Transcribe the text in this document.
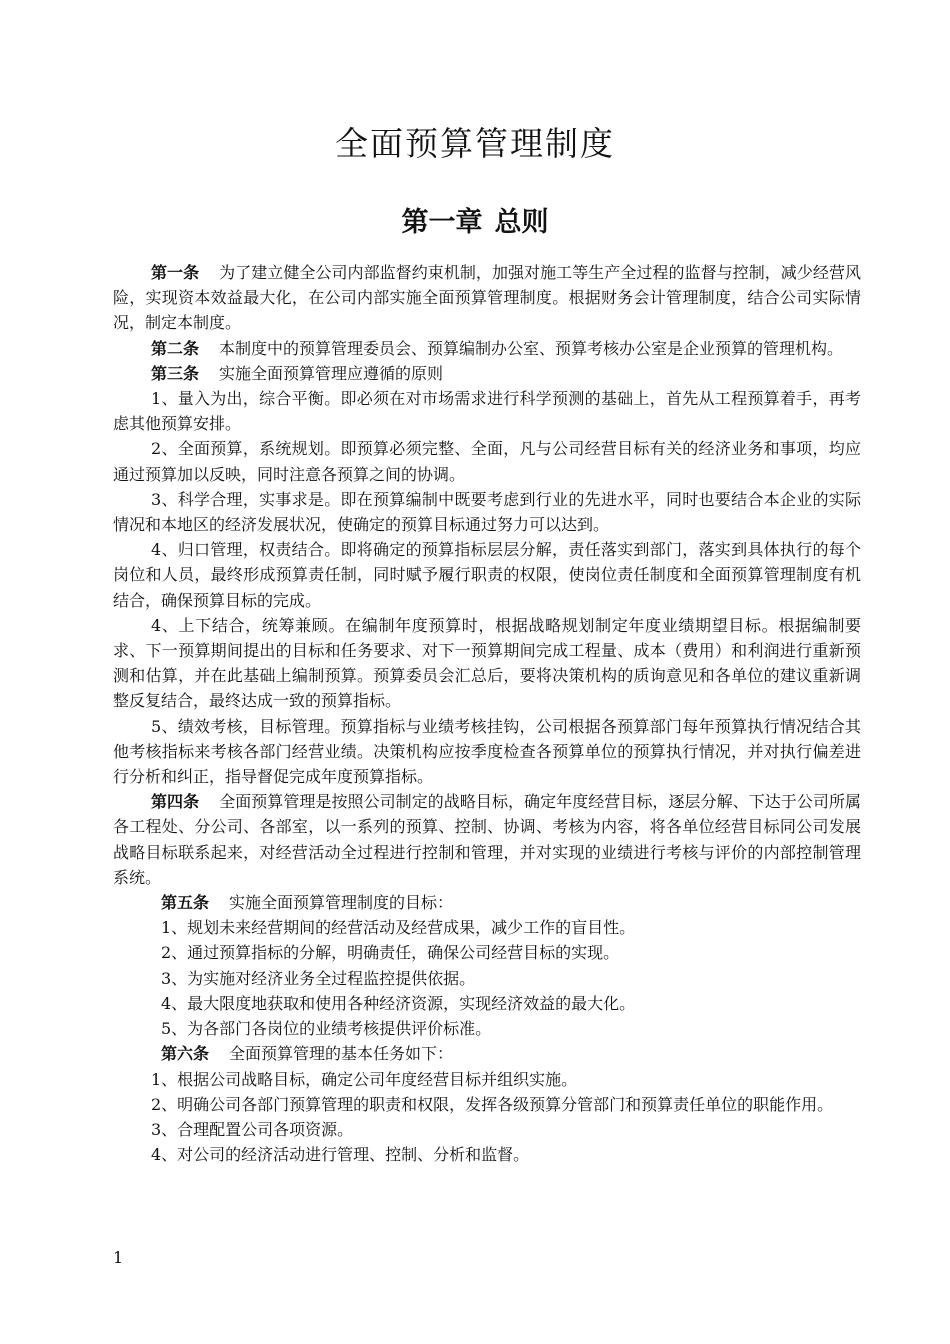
全面预算管理制度
第一章 总则

第一条 为了建立健全公司内部监督约束机制，加强对施工等生产全过程的监督与控制，减少经营风险，实现资本效益最大化，在公司内部实施全面预算管理制度。根据财务会计管理制度，结合公司实际情况，制定本制度。

第二条 本制度中的预算管理委员会、预算编制办公室、预算考核办公室是企业预算的管理机构。

第三条 实施全面预算管理应遵循的原则

1、量入为出，综合平衡。即必须在对市场需求进行科学预测的基础上，首先从工程预算着手，再考虑其他预算安排。

2、全面预算，系统规划。即预算必须完整、全面，凡与公司经营目标有关的经济业务和事项，均应通过预算加以反映，同时注意各预算之间的协调。

3、科学合理，实事求是。即在预算编制中既要考虑到行业的先进水平，同时也要结合本企业的实际情况和本地区的经济发展状况，使确定的预算目标通过努力可以达到。

4、归口管理，权责结合。即将确定的预算指标层层分解，责任落实到部门，落实到具体执行的每个岗位和人员，最终形成预算责任制，同时赋予履行职责的权限，使岗位责任制度和全面预算管理制度有机结合，确保预算目标的完成。

4、上下结合，统筹兼顾。在编制年度预算时，根据战略规划制定年度业绩期望目标。根据编制要求、下一预算期间提出的目标和任务要求、对下一预算期间完成工程量、成本（费用）和利润进行重新预测和估算，并在此基础上编制预算。预算委员会汇总后，要将决策机构的质询意见和各单位的建议重新调整反复结合，最终达成一致的预算指标。

5、绩效考核，目标管理。预算指标与业绩考核挂钩，公司根据各预算部门每年预算执行情况结合其他考核指标来考核各部门经营业绩。决策机构应按季度检查各预算单位的预算执行情况，并对执行偏差进行分析和纠正，指导督促完成年度预算指标。

第四条 全面预算管理是按照公司制定的战略目标，确定年度经营目标，逐层分解、下达于公司所属各工程处、分公司、各部室，以一系列的预算、控制、协调、考核为内容，将各单位经营目标同公司发展战略目标联系起来，对经营活动全过程进行控制和管理，并对实现的业绩进行考核与评价的内部控制管理系统。

第五条 实施全面预算管理制度的目标：

1、规划未来经营期间的经营活动及经营成果，减少工作的盲目性。

2、通过预算指标的分解，明确责任，确保公司经营目标的实现。

3、为实施对经济业务全过程监控提供依据。

4、最大限度地获取和使用各种经济资源，实现经济效益的最大化。

5、为各部门各岗位的业绩考核提供评价标准。

第六条 全面预算管理的基本任务如下：

1、根据公司战略目标，确定公司年度经营目标并组织实施。

2、明确公司各部门预算管理的职责和权限，发挥各级预算分管部门和预算责任单位的职能作用。

3、合理配置公司各项资源。

4、对公司的经济活动进行管理、控制、分析和监督。

1
